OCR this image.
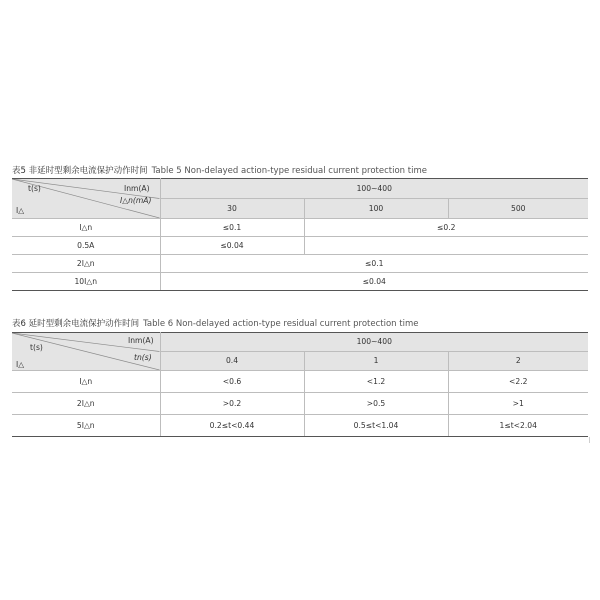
表5 非延时型剩余电流保护动作时间 Table 5 Non-delayed action-type residual current protection time
t(s) Inm(A)
I△n(mA)
I△	100~400		
	30	100	500
I△n	≤0.1	≤0.2	
0.5A	≤0.04		
2I△n	≤0.1		
10I△n	≤0.04		
表6 延时型剩余电流保护动作时间 Table 6 Non-delayed action-type residual current protection time
t(s)
Inm(A)
tn(s)
I△	100~400		
	0.4	1	2
I△n	<0.6	<1.2	<2.2
2I△n	>0.2	>0.5	>1
5I△n	0.2≤t<0.44	0.5≤t<1.04	1≤t<2.04
